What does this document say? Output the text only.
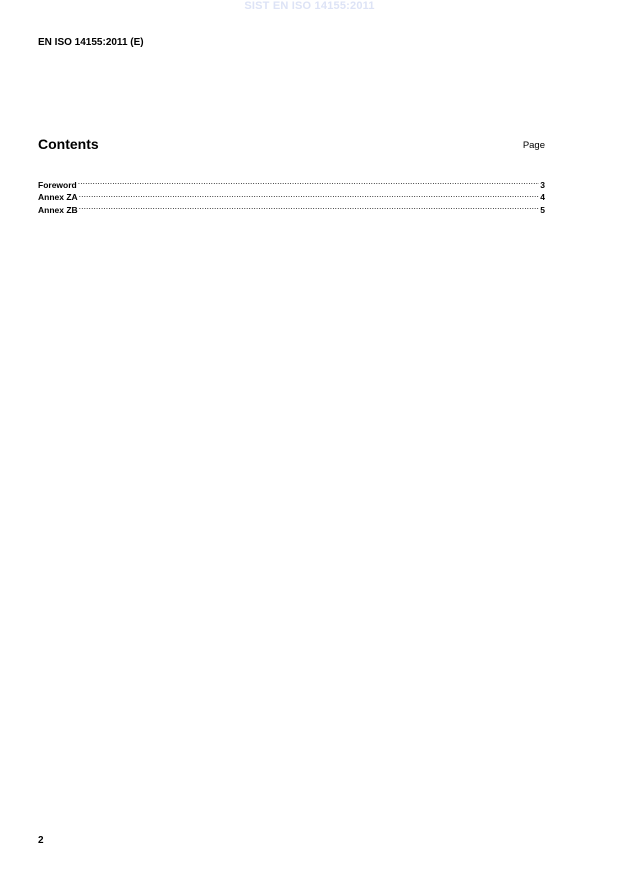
SIST EN ISO 14155:2011
EN ISO 14155:2011 (E)
Contents	Page
Foreword .....	3
Annex ZA .....	4
Annex ZB .....	5
2
